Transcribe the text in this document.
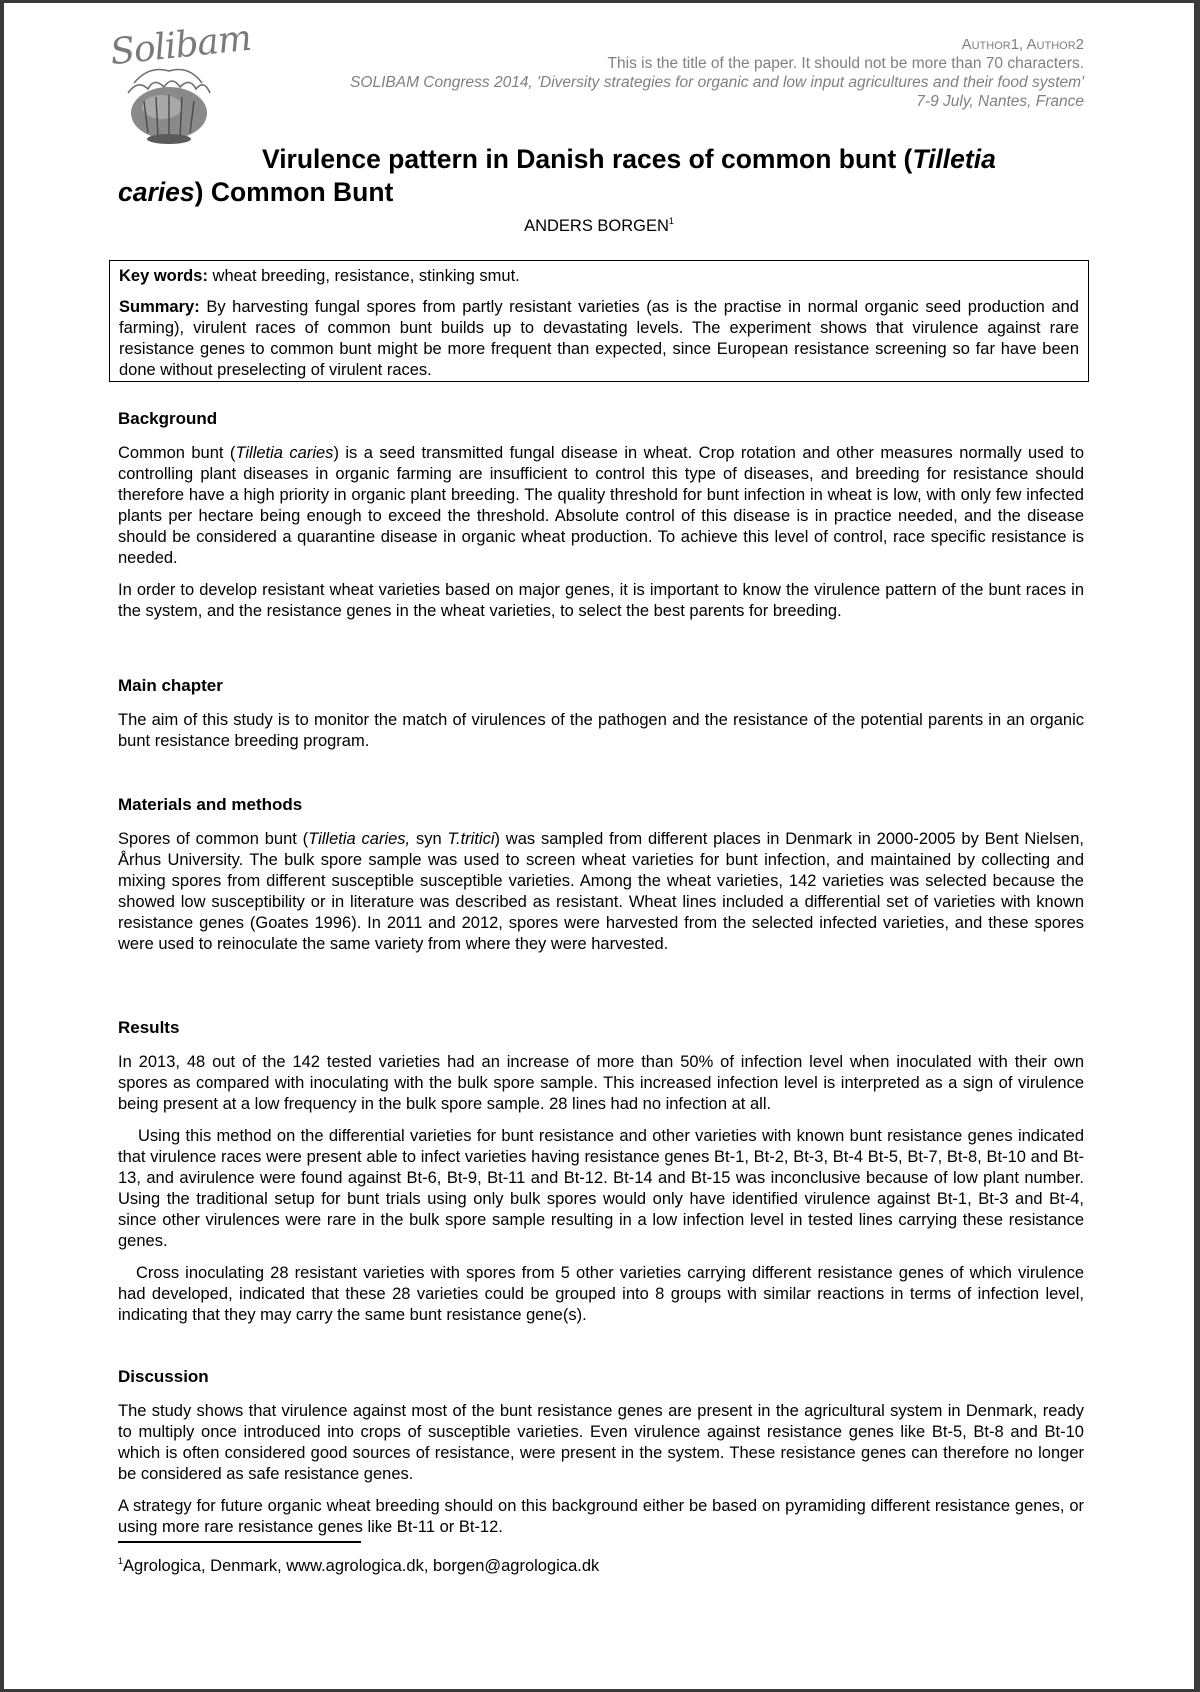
Solibam	Author1, Author2
This is the title of the paper. It should not be more than 70 characters.
SOLIBAM Congress 2014, 'Diversity strategies for organic and low input agricultures and their food system'
7-9 July, Nantes, France
Virulence pattern in Danish races of common bunt (Tilletia caries) Common Bunt
ANDERS BORGEN$^1$

Key words: wheat breeding, resistance, stinking smut.

Summary: By harvesting fungal spores from partly resistant varieties (as is the practise in normal organic seed production and farming), virulent races of common bunt builds up to devastating levels. The experiment shows that virulence against rare resistance genes to common bunt might be more frequent than expected, since European resistance screening so far have been done without preselecting of virulent races.

Background

Common bunt (Tilletia caries) is a seed transmitted fungal disease in wheat. Crop rotation and other measures normally used to controlling plant diseases in organic farming are insufficient to control this type of diseases, and breeding for resistance should therefore have a high priority in organic plant breeding. The quality threshold for bunt infection in wheat is low, with only few infected plants per hectare being enough to exceed the threshold. Absolute control of this disease is in practice needed, and the disease should be considered a quarantine disease in organic wheat production. To achieve this level of control, race specific resistance is needed.

In order to develop resistant wheat varieties based on major genes, it is important to know the virulence pattern of the bunt races in the system, and the resistance genes in the wheat varieties, to select the best parents for breeding.

Main chapter

The aim of this study is to monitor the match of virulences of the pathogen and the resistance of the potential parents in an organic bunt resistance breeding program.

Materials and methods

Spores of common bunt (Tilletia caries, syn T.tritici) was sampled from different places in Denmark in 2000-2005 by Bent Nielsen, Århus University. The bulk spore sample was used to screen wheat varieties for bunt infection, and maintained by collecting and mixing spores from different susceptible susceptible varieties. Among the wheat varieties, 142 varieties was selected because the showed low susceptibility or in literature was described as resistant. Wheat lines included a differential set of varieties with known resistance genes (Goates 1996). In 2011 and 2012, spores were harvested from the selected infected varieties, and these spores were used to reinoculate the same variety from where they were harvested.

Results

In 2013, 48 out of the 142 tested varieties had an increase of more than 50% of infection level when inoculated with their own spores as compared with inoculating with the bulk spore sample. This increased infection level is interpreted as a sign of virulence being present at a low frequency in the bulk spore sample. 28 lines had no infection at all.

Using this method on the differential varieties for bunt resistance and other varieties with known bunt resistance genes indicated that virulence races were present able to infect varieties having resistance genes Bt-1, Bt-2, Bt-3, Bt-4 Bt-5, Bt-7, Bt-8, Bt-10 and Bt-13, and avirulence were found against Bt-6, Bt-9, Bt-11 and Bt-12. Bt-14 and Bt-15 was inconclusive because of low plant number. Using the traditional setup for bunt trials using only bulk spores would only have identified virulence against Bt-1, Bt-3 and Bt-4, since other virulences were rare in the bulk spore sample resulting in a low infection level in tested lines carrying these resistance genes.

Cross inoculating 28 resistant varieties with spores from 5 other varieties carrying different resistance genes of which virulence had developed, indicated that these 28 varieties could be grouped into 8 groups with similar reactions in terms of infection level, indicating that they may carry the same bunt resistance gene(s).

Discussion

The study shows that virulence against most of the bunt resistance genes are present in the agricultural system in Denmark, ready to multiply once introduced into crops of susceptible varieties. Even virulence against resistance genes like Bt-5, Bt-8 and Bt-10 which is often considered good sources of resistance, were present in the system. These resistance genes can therefore no longer be considered as safe resistance genes.

A strategy for future organic wheat breeding should on this background either be based on pyramiding different resistance genes, or using more rare resistance genes like Bt-11 or Bt-12.

$^1$Agrologica, Denmark, www.agrologica.dk, borgen@agrologica.dk
